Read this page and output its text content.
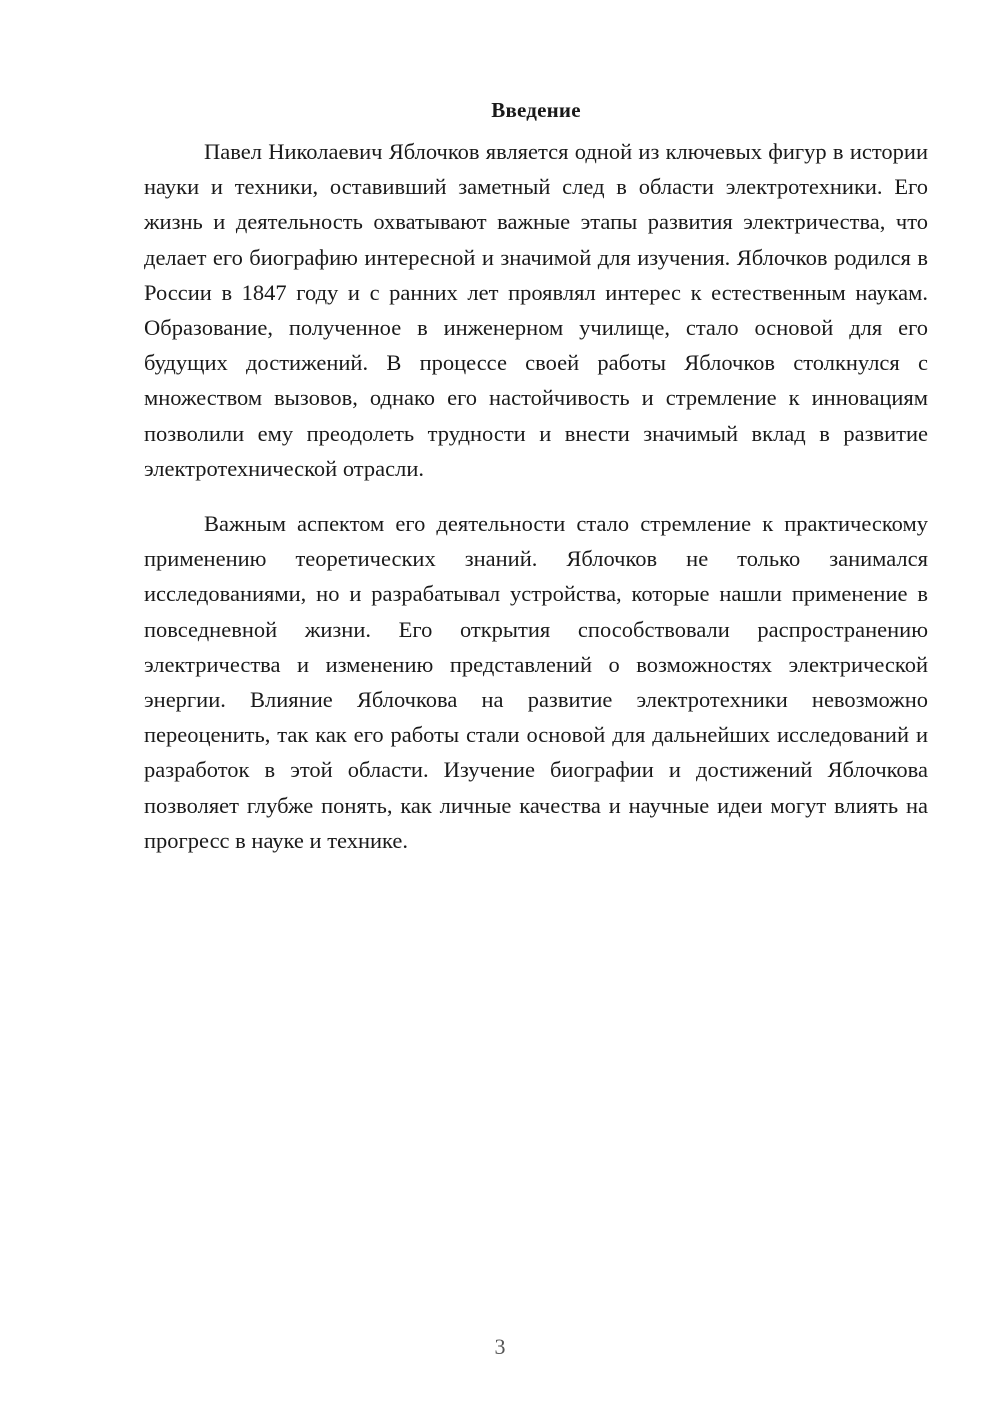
Введение

Павел Николаевич Яблочков является одной из ключевых фигур в истории науки и техники, оставивший заметный след в области электротехники. Его жизнь и деятельность охватывают важные этапы развития электричества, что делает его биографию интересной и значимой для изучения. Яблочков родился в России в 1847 году и с ранних лет проявлял интерес к естественным наукам. Образование, полученное в инженерном училище, стало основой для его будущих достижений. В процессе своей работы Яблочков столкнулся с множеством вызовов, однако его настойчивость и стремление к инновациям позволили ему преодолеть трудности и внести значимый вклад в развитие электротехнической отрасли.

Важным аспектом его деятельности стало стремление к практическому применению теоретических знаний. Яблочков не только занимался исследованиями, но и разрабатывал устройства, которые нашли применение в повседневной жизни. Его открытия способствовали распространению электричества и изменению представлений о возможностях электрической энергии. Влияние Яблочкова на развитие электротехники невозможно переоценить, так как его работы стали основой для дальнейших исследований и разработок в этой области. Изучение биографии и достижений Яблочкова позволяет глубже понять, как личные качества и научные идеи могут влиять на прогресс в науке и технике.

3
